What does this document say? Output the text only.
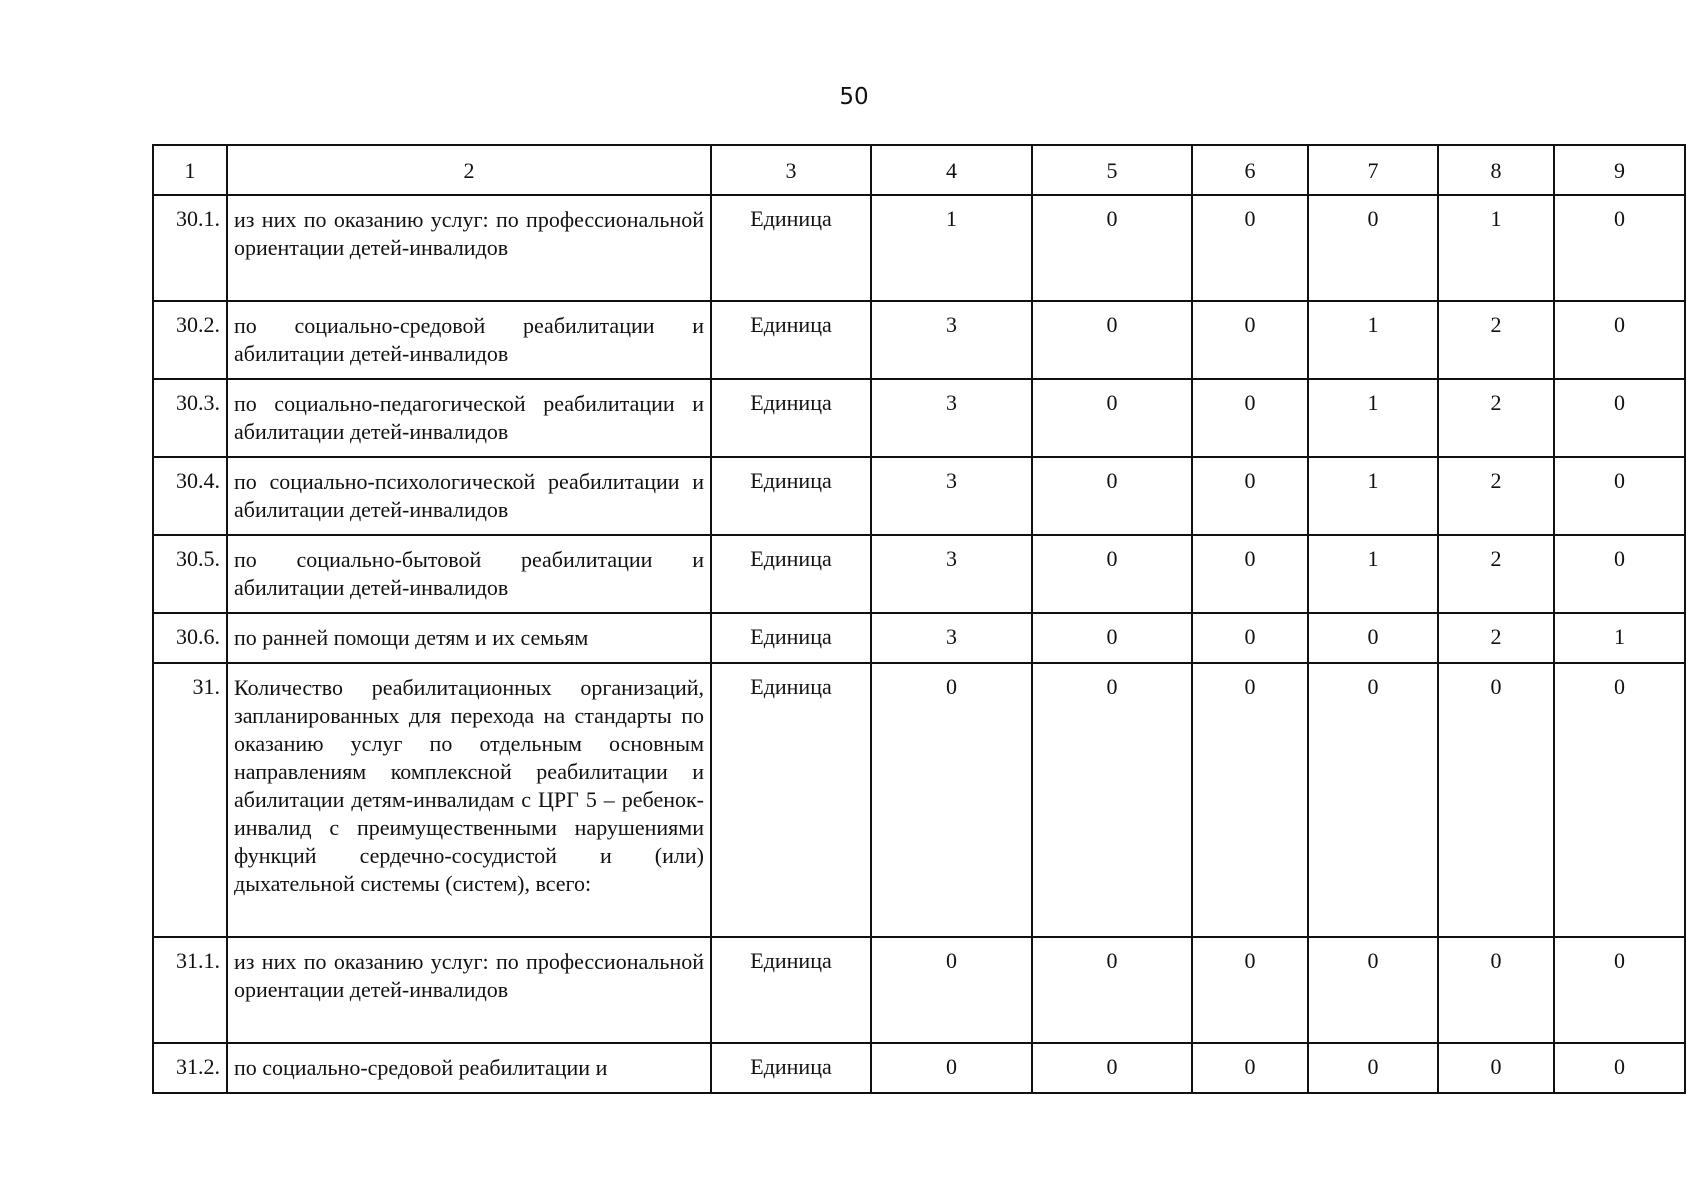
50
1	2	3	4	5	6	7	8	9
30.1.	из них по оказанию услуг: по профессиональной ориентации детей-инвалидов	Единица	1	0	0	0	1	0
30.2.	по социально-средовой реабилитации и абилитации детей-инвалидов	Единица	3	0	0	1	2	0
30.3.	по социально-педагогической реабилитации и абилитации детей-инвалидов	Единица	3	0	0	1	2	0
30.4.	по социально-психологической реабилитации и абилитации детей-инвалидов	Единица	3	0	0	1	2	0
30.5.	по социально-бытовой реабилитации и абилитации детей-инвалидов	Единица	3	0	0	1	2	0
30.6.	по ранней помощи детям и их семьям	Единица	3	0	0	0	2	1
31.	Количество реабилитационных организаций, запланированных для перехода на стандарты по оказанию услуг по отдельным основным направлениям комплексной реабилитации и абилитации детям-инвалидам с ЦРГ 5 – ребенок-инвалид с преимущественными нарушениями функций сердечно-сосудистой и (или) дыхательной системы (систем), всего:	Единица	0	0	0	0	0	0
31.1.	из них по оказанию услуг: по профессиональной ориентации детей-инвалидов	Единица	0	0	0	0	0	0
31.2.	по социально-средовой реабилитации и	Единица	0	0	0	0	0	0
